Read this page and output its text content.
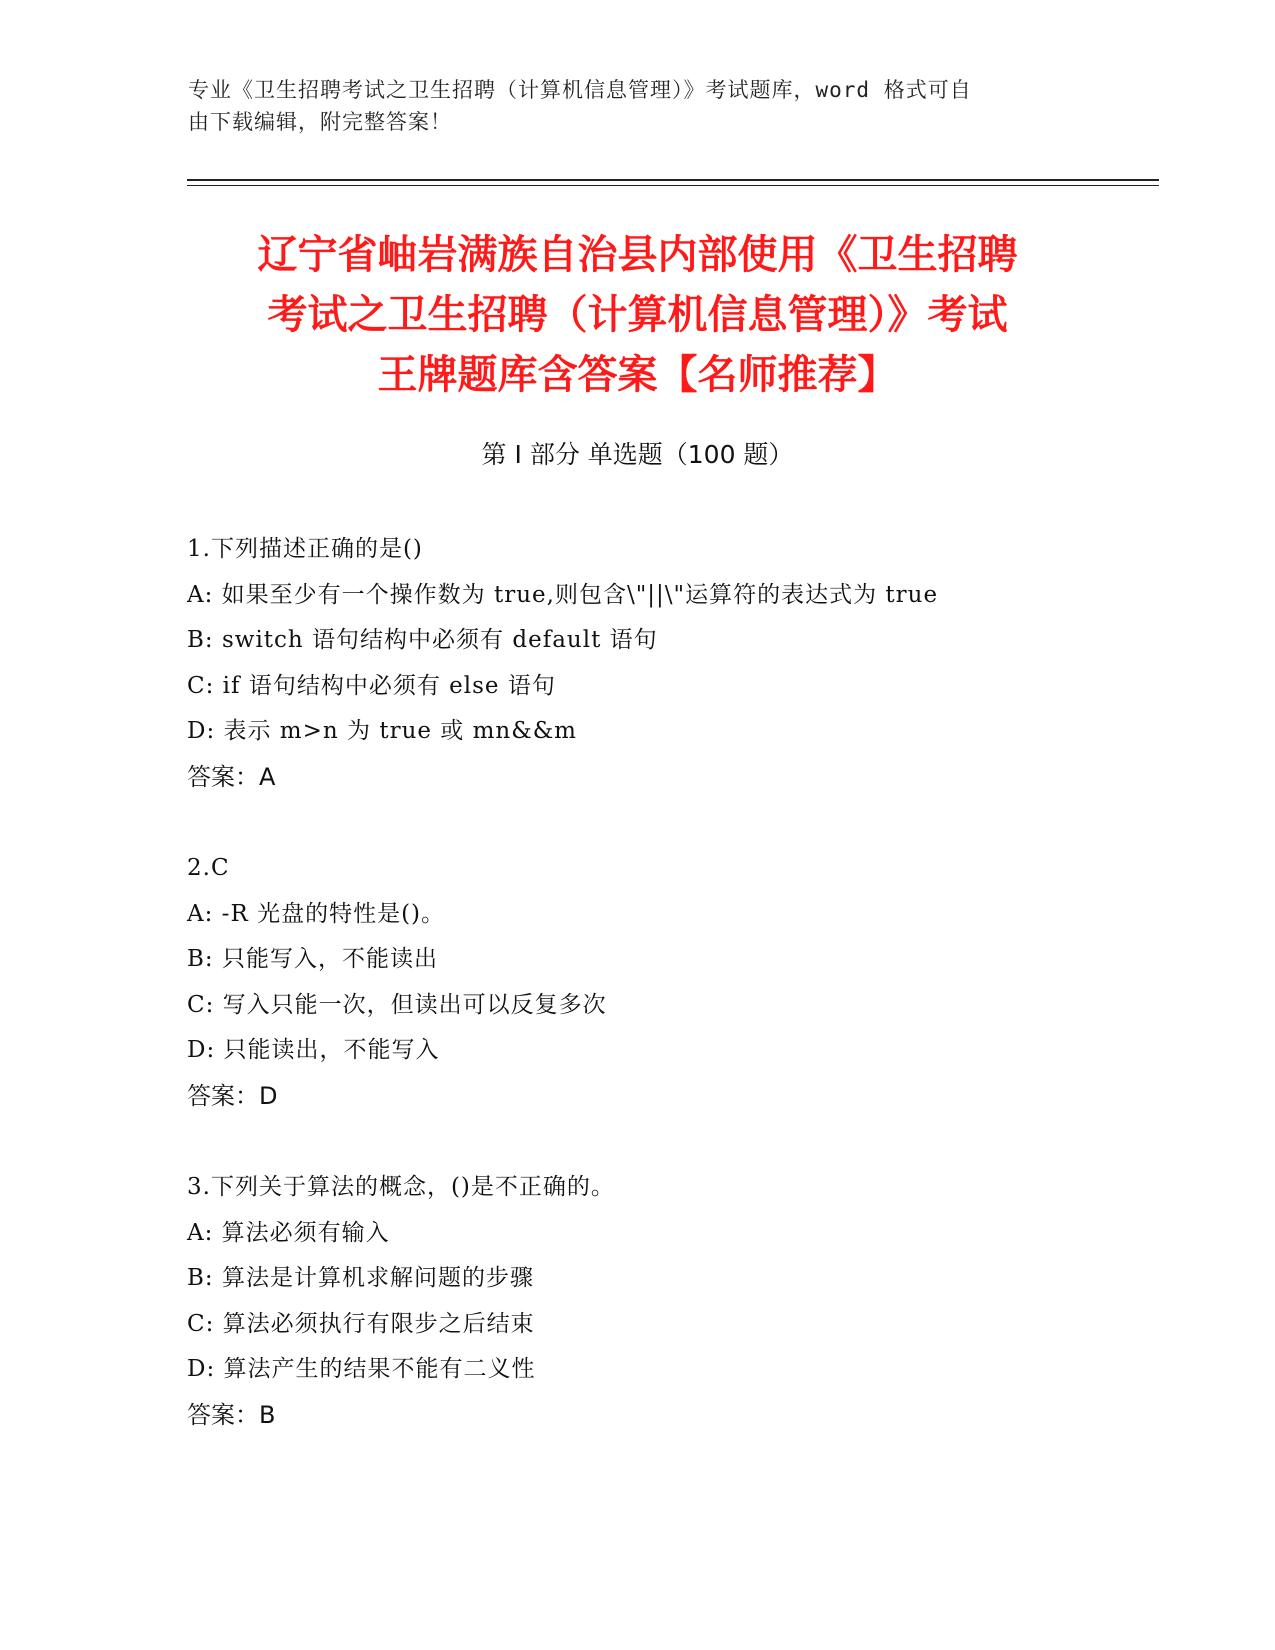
专业《卫生招聘考试之卫生招聘（计算机信息管理）》考试题库，word 格式可自
由下载编辑，附完整答案！
辽宁省岫岩满族自治县内部使用《卫生招聘
考试之卫生招聘（计算机信息管理）》考试
王牌题库含答案【名师推荐】
第 I 部分 单选题（100 题）
1.下列描述正确的是()
A: 如果至少有一个操作数为 true,则包含\"||\"运算符的表达式为 true
B: switch 语句结构中必须有 default 语句
C: if 语句结构中必须有 else 语句
D: 表示 m>n 为 true 或 mn&&m
答案：A
2.C
A: -R 光盘的特性是()。
B: 只能写入，不能读出
C: 写入只能一次，但读出可以反复多次
D: 只能读出，不能写入
答案：D
3.下列关于算法的概念，()是不正确的。
A: 算法必须有输入
B: 算法是计算机求解问题的步骤
C: 算法必须执行有限步之后结束
D: 算法产生的结果不能有二义性
答案：B
